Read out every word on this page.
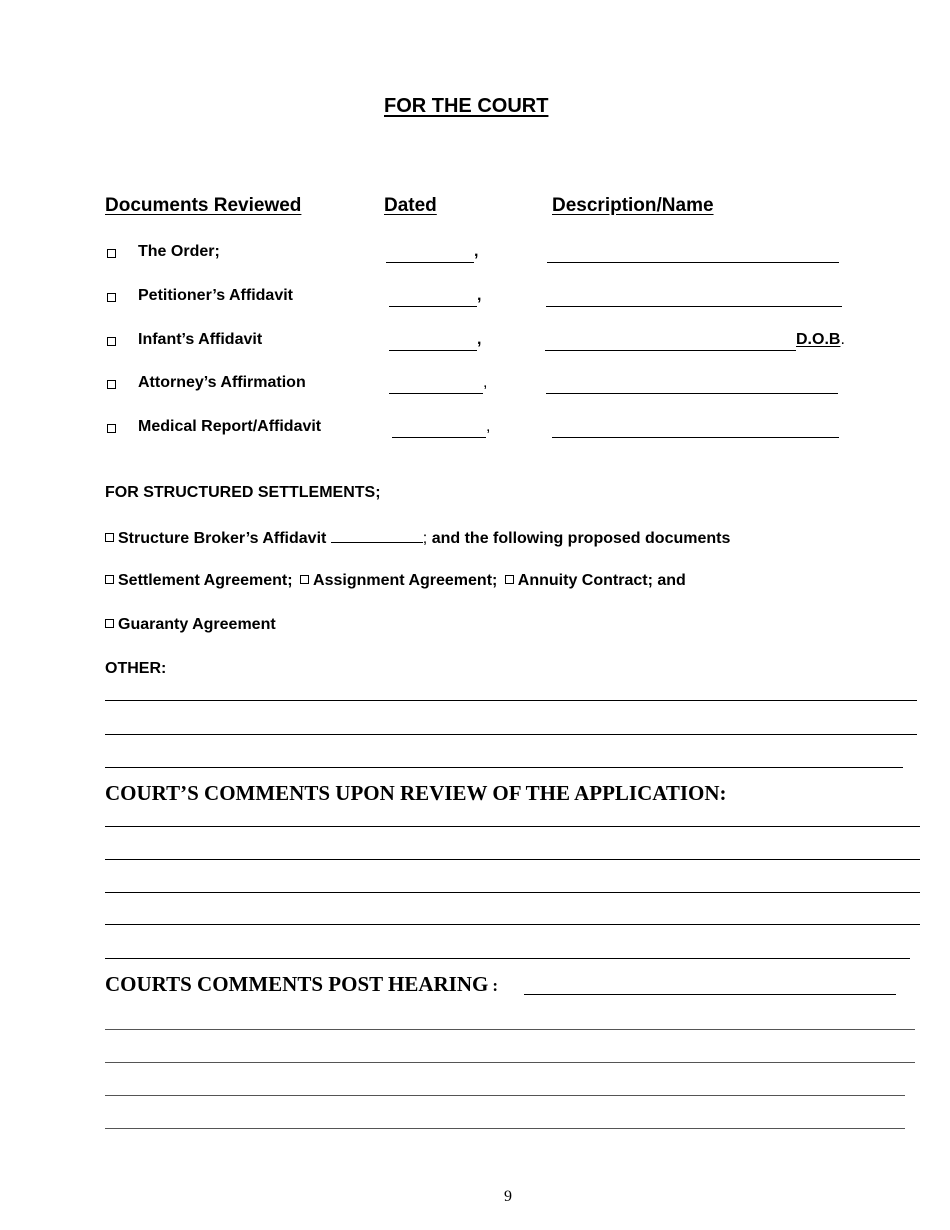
FOR THE COURT
Documents Reviewed	Dated	Description/Name
The Order;	,
Petitioner’s Affidavit	,
Infant’s Affidavit	,	D.O.B.
Attorney’s Affirmation	,
Medical Report/Affidavit	,
FOR STRUCTURED SETTLEMENTS;
Structure Broker’s Affidavit	; and the following proposed documents
Settlement Agreement; Assignment Agreement; Annuity Contract; and
Guaranty Agreement
OTHER:
COURT’S COMMENTS UPON REVIEW OF THE APPLICATION:
COURTS COMMENTS POST HEARING :
9
